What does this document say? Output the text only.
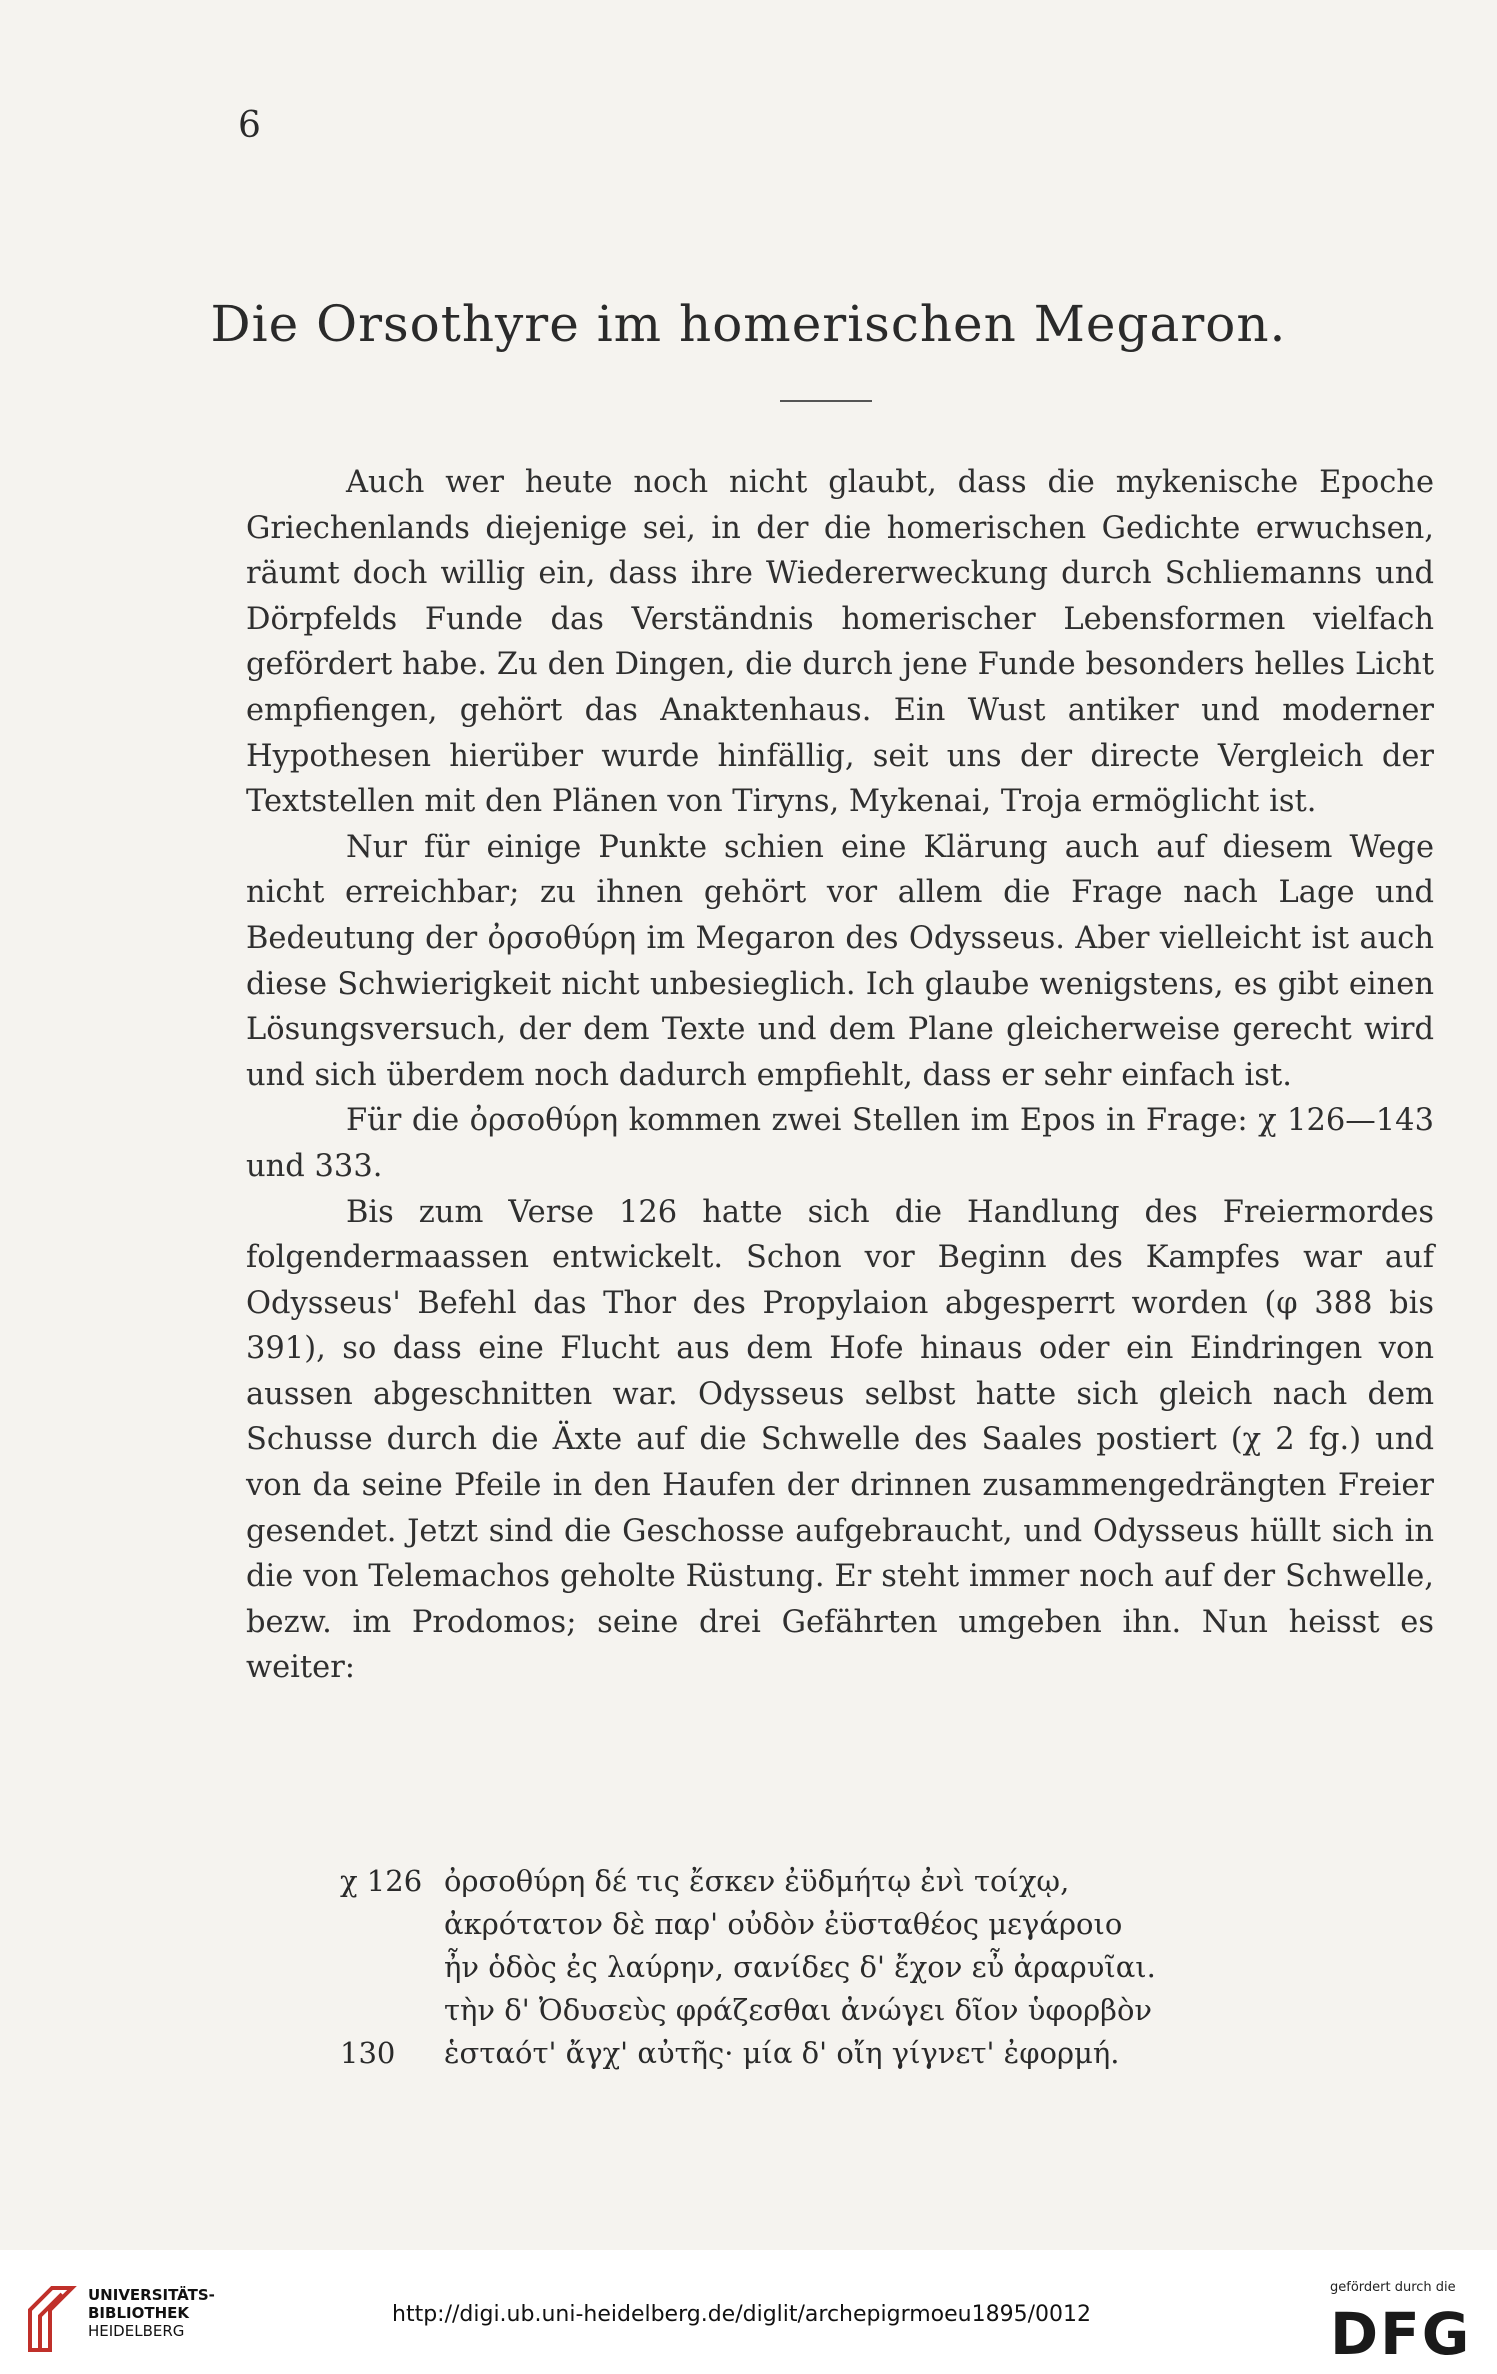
6
Die Orsothyre im homerischen Megaron.

Auch wer heute noch nicht glaubt, dass die mykenische Epoche Griechenlands diejenige sei, in der die homerischen Gedichte erwuchsen, räumt doch willig ein, dass ihre Wiedererweckung durch Schliemanns und Dörpfelds Funde das Verständnis homerischer Lebensformen vielfach gefördert habe. Zu den Dingen, die durch jene Funde besonders helles Licht empfiengen, gehört das Anaktenhaus. Ein Wust antiker und moderner Hypothesen hierüber wurde hinfällig, seit uns der directe Vergleich der Textstellen mit den Plänen von Tiryns, Mykenai, Troja ermöglicht ist.

Nur für einige Punkte schien eine Klärung auch auf diesem Wege nicht erreichbar; zu ihnen gehört vor allem die Frage nach Lage und Bedeutung der ὀρσοθύρη im Megaron des Odysseus. Aber vielleicht ist auch diese Schwierigkeit nicht unbesieglich. Ich glaube wenigstens, es gibt einen Lösungsversuch, der dem Texte und dem Plane gleicherweise gerecht wird und sich überdem noch dadurch empfiehlt, dass er sehr einfach ist.

Für die ὀρσοθύρη kommen zwei Stellen im Epos in Frage: χ 126—143 und 333.

Bis zum Verse 126 hatte sich die Handlung des Freiermordes folgendermaassen entwickelt. Schon vor Beginn des Kampfes war auf Odysseus' Befehl das Thor des Propylaion abgesperrt worden (φ 388 bis 391), so dass eine Flucht aus dem Hofe hinaus oder ein Eindringen von aussen abgeschnitten war. Odysseus selbst hatte sich gleich nach dem Schusse durch die Äxte auf die Schwelle des Saales postiert (χ 2 fg.) und von da seine Pfeile in den Haufen der drinnen zusammengedrängten Freier gesendet. Jetzt sind die Geschosse aufgebraucht, und Odysseus hüllt sich in die von Telemachos geholte Rüstung. Er steht immer noch auf der Schwelle, bezw. im Prodomos; seine drei Gefährten umgeben ihn. Nun heisst es weiter:

χ 126 ὀρσοθύρη δέ τις ἔσκεν ἐϋδμήτῳ ἐνὶ τοίχῳ,
ἀκρότατον δὲ παρ' οὐδὸν ἐϋσταθέος μεγάροιο
ἦν ὁδὸς ἐς λαύρην, σανίδες δ' ἔχον εὖ ἀραρυῖαι.
τὴν δ' Ὀδυσεὺς φράζεσθαι ἀνώγει δῖον ὑφορβὸν
130	ἑσταότ' ἄγχ' αὐτῆς· μία δ' οἴη γίγνετ' ἐφορμή.
UNIVERSITÄTS-
BIBLIOTHEK
HEIDELBERG
http://digi.ub.uni-heidelberg.de/diglit/archepigrmoeu1895/0012
gefördert durch die
DFG
